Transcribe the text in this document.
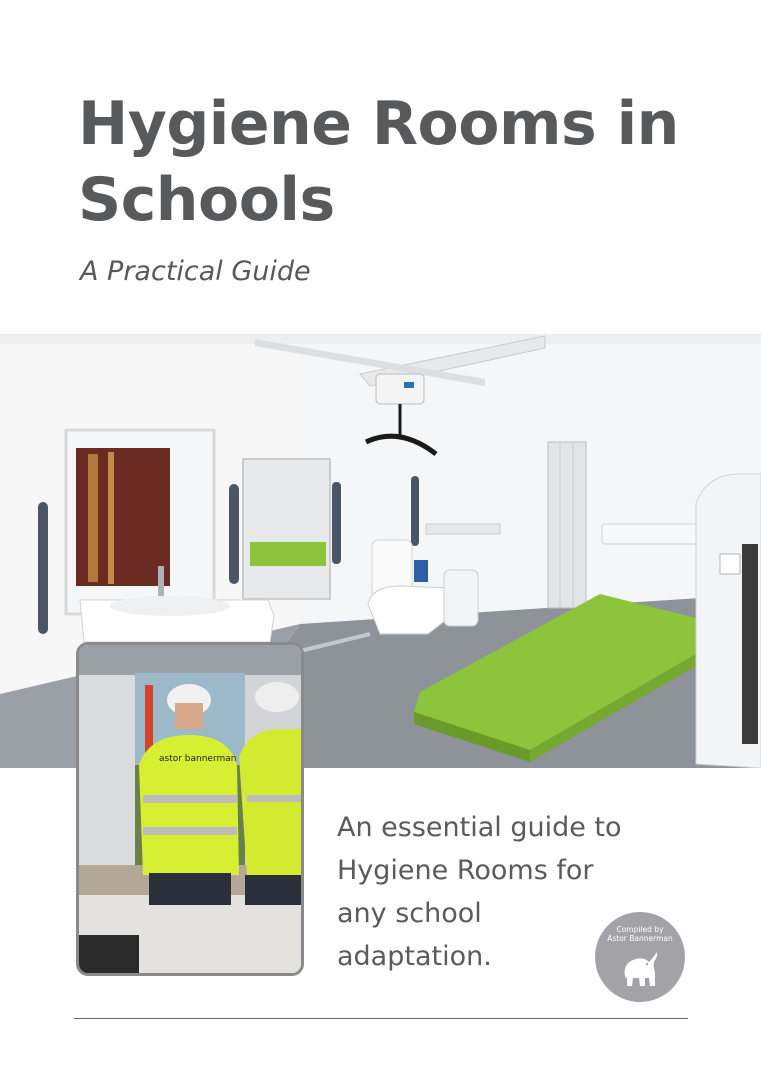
Hygiene Rooms in Schools
A Practical Guide
astor bannerman

An essential guide to Hygiene Rooms for any school adaptation.

Compiled by
Astor Bannerman
